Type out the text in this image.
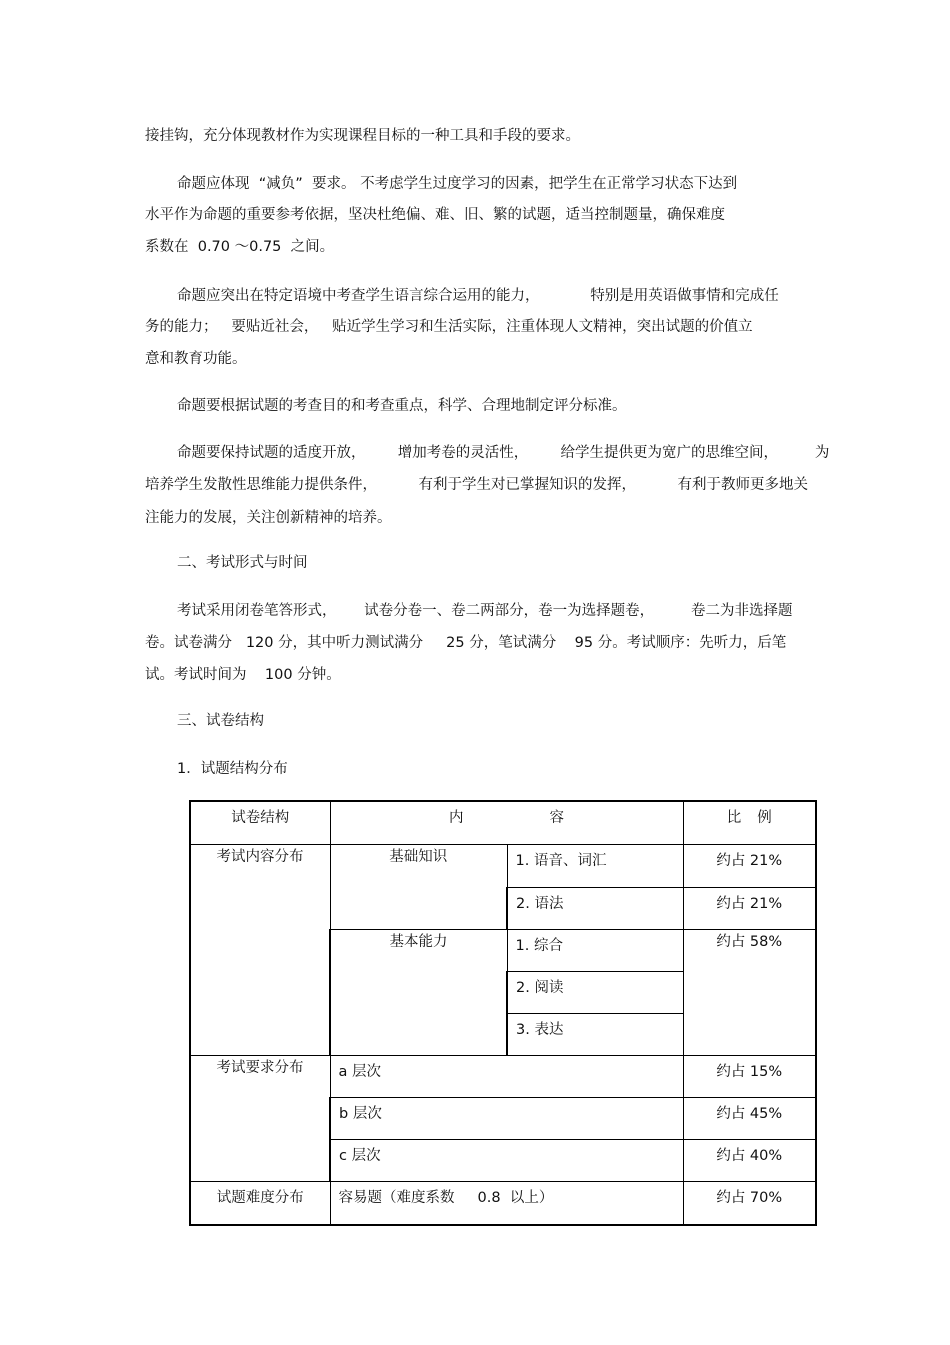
接挂钩，充分体现教材作为实现课程目标的一种工具和手段的要求。
命题应体现  “减负”  要求。 不考虑学生过度学习的因素，把学生在正常学习状态下达到
水平作为命题的重要参考依据，坚决杜绝偏、难、旧、繁的试题，适当控制题量，确保难度
系数在  0.70 ～0.75  之间。
命题应突出在特定语境中考查学生语言综合运用的能力，           特别是用英语做事情和完成任
务的能力；   要贴近社会，   贴近学生学习和生活实际，注重体现人文精神，突出试题的价值立
意和教育功能。
命题要根据试题的考查目的和考查重点，科学、合理地制定评分标准。
命题要保持试题的适度开放，       增加考卷的灵活性，       给学生提供更为宽广的思维空间，        为
培养学生发散性思维能力提供条件，         有利于学生对已掌握知识的发挥，         有利于教师更多地关
注能力的发展，关注创新精神的培养。
二、考试形式与时间
考试采用闭卷笔答形式，      试卷分卷一、卷二两部分，卷一为选择题卷，        卷二为非选择题
卷。试卷满分   120 分，其中听力测试满分     25 分，笔试满分    95 分。考试顺序：先听力，后笔
试。考试时间为    100 分钟。
三、试卷结构
1．试题结构分布
试卷结构	内 容		比 例

考试内容分布	基础知识	1. 语音、词汇	约占 21%

		2. 语法	约占 21%

	基本能力	1. 综合	约占 58%

		2. 阅读	

		3. 表达	

考试要求分布	a 层次		约占 15%

	b 层次		约占 45%

	c 层次		约占 40%

试题难度分布	容易题（难度系数     0.8  以上）		约占 70%
